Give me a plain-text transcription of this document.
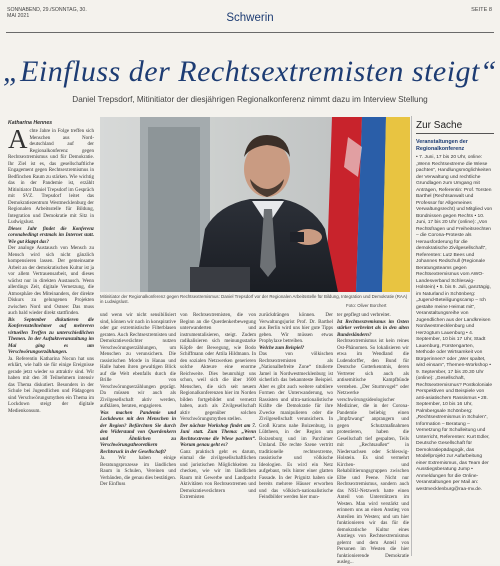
SONNABEND, 29./SONNTAG, 30. MAI 2021	Schwerin
SEITE 8
„Einfluss der Rechtsextremisten steigt“
Daniel Trepsdorf, Mitinitiator der diesjährigen Regionalkonferenz nimmt dazu im Interview Stellung
Katharina Hennes
A chte Jahre in Folge treffen sich Menschen aus Nord-deutschland auf der Regionalkonferenz gegen Rechtsextremismus und für Demokratie. Ihr Ziel ist es, das gesellschaftliche Engagement gegen Rechtsextremismus in Bedfinchen Raum zu stärken. Wie wichtig das in der Pandemie ist, erzählt Mitinitiator Daniel Trepsdorf im Gespräch mit SVZ. Trepsdorf leitet das Demokratiezentrum Westmecklenburg der Regionalen Arbeitsstelle für Bildung, Integration und Demokratie mit Sitz in Ludwigslust.

Dieses Jahr findet die Konferenz coronabedingt erstmals im Internet statt. Wie gut klappt das?

Der analoge Austausch von Mensch zu Mensch wird sich nicht gänzlich kompensieren lassen. Der gemeinsame Arbeit an der demokratischen Kultur ist ja vor allem Vertrauensarbeit, und dieses wächst nur in direkten Austausch. Wenn allerdings Zeit, digitale Vernetzung, die Atmosphäre des Miteinanders, der direkte Diskurs zu gelungenen Projekten zwischen Nord und Ostsee: Das muss auch bald wieder direkt stattfinden.

Bis September diskutieren die Konferenzteilnehmer auf mehreren virtuellen Treffen zu unterschiedlichen Themen. In der Auftaktveranstaltung im Mai ging es um Verschwörungserzählungen.

Ja. Referentin Katharina Nocun hat uns erklärt, wie halb sie für einige Ereignisse gerade jetzt wieder so attraktiv sind. Wir haben mit den 30 Teilnehmern intensiv das Thema diskutiert. Besonders in der Schule bei Jugendlichen und Pädagogen sind Verschwörungsmythen ein Thema im Lockdown steigt der digitale Medienkonsum.

Mitinitiator der Regionalkonferenz gegen Rechtsextremismus: Daniel Trepsdorf vor der Regionalen Arbeitsstelle für Bildung, Integration und Demokratie (RAA) in Ludwigslust.
Foto: Oliver Borchert

und wenn wir nicht sensibilisiert sind, können wir nach in konspirative oder gar extremistische Filterblasen geraten. Auch Rechtsextremisten und Demokratieverächter nutzen Verschwörungserzählungen, um Menschen zu verunsichern. Die rassistischen Morde in Hanau und Halle haben ihren gewaltigen Blick auf die Welt ebenfalls durch die Brille von Verschwörungserzählungen geprägt. Da müssen wir auch als Zivilgesellschaft aktiv werden, aufklären, beraten, engagieren.

Was machen Pandemie und Lockdowns mit den Menschen in der Region? Befürchten Sie durch den Widerstand von Querdenkern und Ähnlichen zu Verschwörungstheoretikern Rechtsruck in der Gesellschaft?

Ja. Wir haben einige Beratungsprozesse im ländlichen Raum in Schulen, Vereinen und Verbänden, die genau dies bestätigen. Der Einfluss

von Rechtsextremisten, die von Beginn an die Querdenkerbewegung unterwanderten und instrumentalisieren, steigt. Zudem radikalisieren sich meinungsstarke Köpfe der Bewegung, wie Bodo Schiffmann oder Attila Hildmann. In den sozialen Netzwerken generieren solche Akteure eine enorme Reichweite. Dies beunruhigt uns schon, weil sich die über 1600 Menschen, die sich seit neuem Regionalkonferenzen hier im Norden bilden fortgebildet und vernetzt haben, auch als Zivilgesellschaft aktiv gegenüber solchen Verschwörungsmythen stellen.

Der nächste Workshop findet am 7. Juni statt. Zum Thema: „Wenn Rechtsextreme die Wiese pachten“. Worum genau geht es?

Ganz praktisch geht es darum, einmal die zivilgesellschaftlichen und juristischen Möglichkeiten zu checken, wie wir im ländlichen Raum mit Gewerbe und Landpacht Aktivitäten von Rechtsextremen und Demokratieverächtern und Extremisten

zurückdrängen können. Der Verwaltungsjurist Prof. Dr. Barthel aus Berlin wird uns hier gute Tipps geben. Wir müssen etwas Prophylaxe betreiben.

Welche zum Beispiel?

Das von völkischen Rechtsextremisten als „Nationalbefreite Zone“ titulierte Jamel in Nordwestmecklenburg ist sicherlich das bekannteste Beispiel. Aber es gibt auch weitere subtilere Formen der Unterwanderung, wo Rassisten und ultra-nationalistische Kräfte die Demokratie für ihre Zwecke manipulieren oder die Zivilgesellschaft verunsichern. In Groß Krams nahe Boizenburg, in Lübtheen, in der Region um Boizenburg und im Parchimer Umland. Die rechte Szene vertritt traditionelle rechtsextreme, rassistische und völkische Ideologien. Es wird ein Netz aufgebaut, teils hinter einer glatten Fassade. In der Prignitz haben sie bereits mehrere Häuser erworben und das völkisch-nationalistische Feindbilder werden hier mun-

ter gepflegt und verbreitet.

Ist Rechtsextremismus im Osten stärker verbreitet als in den alten Bundesländern?

Rechtsextremismus ist kein reines Ost-Phänomen. So lokalisieren wir etwa im Wendland die Ludendorffer, den Bund für Deutsche Gotterkenntnis, deren Vertreter sich auch als antisemitische Kampfbünde verstehen. „Der Sturmvogel“ oder Netzwerke verschwörungsideologischer Mediziner, die in der Corona-Pandemie beliebig einen „Impfzwang“ anprangern und gegen Schutzmaßnahmen protestieren, haben die Gesellschaft tief gespalten, Teils mit „Rechtsaußen“ in Niedersachsen oder Schleswig-Holstein. Es sind vermehrt Kirchen- und Rehabilitierungsgruppen zwischen Elbe und Peene. Nicht nur Rechtsextremismus, sondern auch das NSU-Netzwerk hatte einen Anteil von Unterstützern im Westen. Man wird verstärkt und erinnern uns an einen Anstieg von Anteilen im Westen; und um hier funktionieren wir das für die demokratische Kultur eines Anstiegs von Rechtsextremismus gelernt und dem Anteil von Personen im Westen die hier funktionierende Demokratie ausleg...

Zur Sache
Veranstaltungen der Regionalkonferenz
• 7. Juni, 17 bis 20 Uhr, online: „Wenn Rechtsextreme die Wiese pachten“, Handlungsmöglichkeiten der Verwaltung und rechtliche Grundlagen zum Umgang mit Anträgen, Referentin: Prof. Torsten Barthel (Rechtsanwalt und Professor für Allgemeines Verwaltungsrecht) und Mitglied von Bündnissen gegen Rechts • 10. Juni, 17 bis 20 Uhr (online): „Von Rechtsfragen und Freiheitsrechten – die Corona-Proteste als Herausforderung für die demokratische Zivilgesellschaft“, Referenten: Lutz Bees und Johannes Redschull (Regionale Beratungsteams gegen Rechtsextremismus vom AWO-Landesverband Schleswig-Holstein) • 5. bis 9. Juli, ganztägig, im Naturland in Schönberg: „Jugend-Beteiligungscamp – Ich gestalte meine Heimat mit“, Veranstaltungsreihe von Jugendlichen aus der Landkreisen Nordwestmecklenburg und Herzogtum Lauenburg • 4. September, 10 bis 17 Uhr, Stadt Lauenburg, Fürstengarten, Methode oder Wirtsamkeit von Bürgerinnen? oder „Wer spaltet, wird einsam“, Themen-Workshop • 9. September, 17 bis 20.30 Uhr (online): „Gesellschaft, Rechtsextremismus? Postkoloniale Perspektiven und Beispiele von anti-asiatischem Rassismus • 28. September, 10 bis 16 Uhr, Palmbergsale Schönberg: „Rechtsextremismus in Schulen“, Information – Beratung – Vernetzung für Schulleitung und Unterricht, Referenten: Kurt Edler, Deutsche Gesellschaft für Demokratiepädagogik, das Modellprojekt zur Aufarbeitung einer Extremismus, das Team der Ausstiegsberatung Jump • Anmeldungen für die Online-Veranstaltungen per Mail an: westmecklenburg@raa-mv.de.
